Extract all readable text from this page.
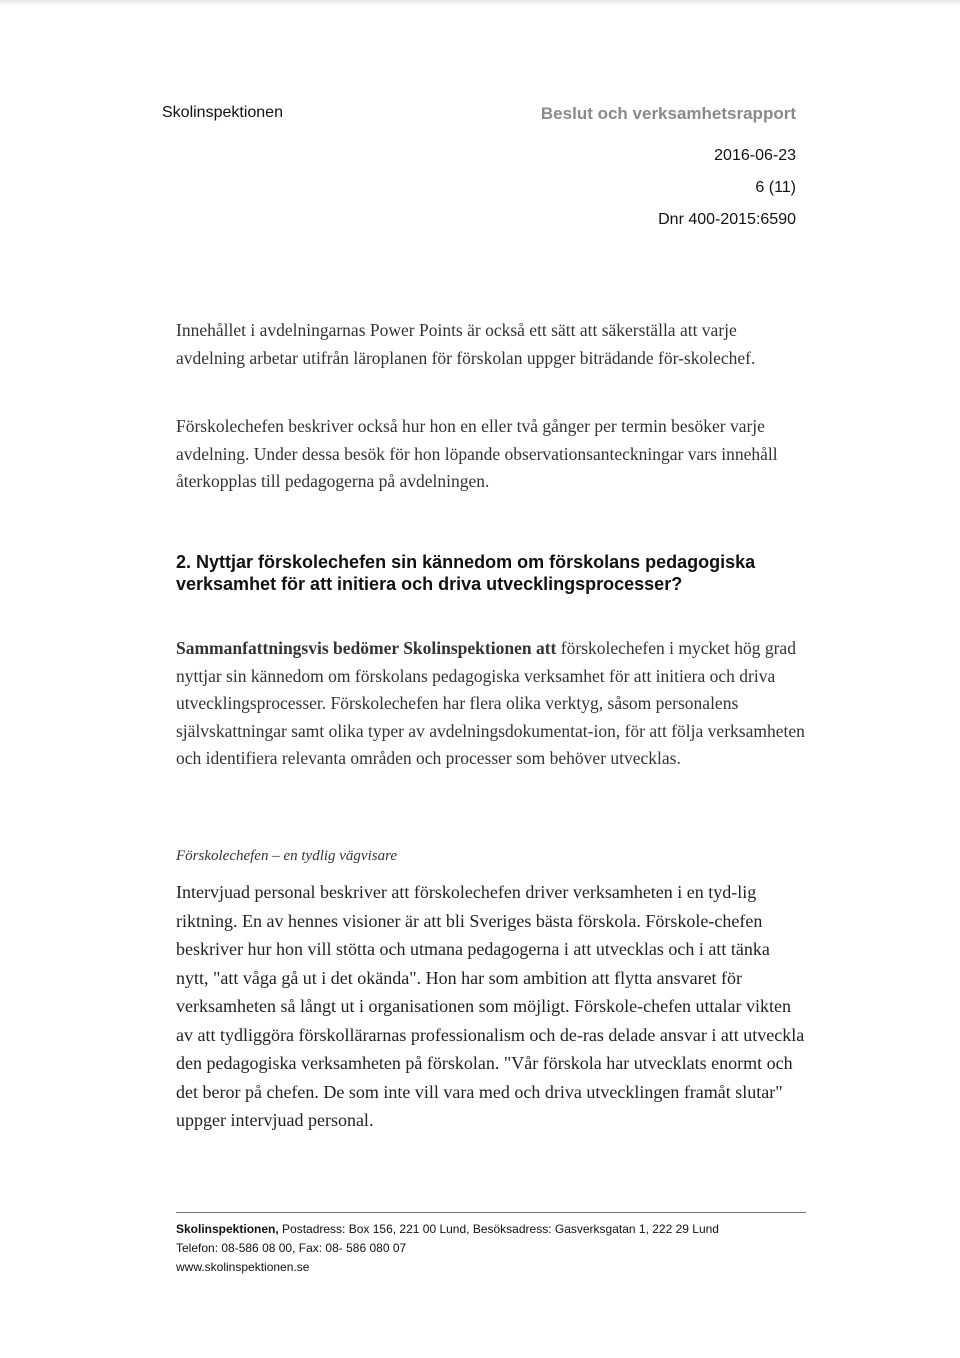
Skolinspektionen	Beslut och verksamhetsrapport
2016-06-23
6 (11)
Dnr 400-2015:6590

Innehållet i avdelningarnas Power Points är också ett sätt att säkerställa att varje avdelning arbetar utifrån läroplanen för förskolan uppger biträdande för-skolechef.

Förskolechefen beskriver också hur hon en eller två gånger per termin besöker varje avdelning. Under dessa besök för hon löpande observationsanteckningar vars innehåll återkopplas till pedagogerna på avdelningen.

2. Nyttjar förskolechefen sin kännedom om förskolans pedagogiska verksamhet för att initiera och driva utvecklingsprocesser?

Sammanfattningsvis bedömer Skolinspektionen att förskolechefen i mycket hög grad nyttjar sin kännedom om förskolans pedagogiska verksamhet för att initiera och driva utvecklingsprocesser. Förskolechefen har flera olika verktyg, såsom personalens självskattningar samt olika typer av avdelningsdokumentat-ion, för att följa verksamheten och identifiera relevanta områden och processer som behöver utvecklas.

Förskolechefen – en tydlig vägvisare

Intervjuad personal beskriver att förskolechefen driver verksamheten i en tyd-lig riktning. En av hennes visioner är att bli Sveriges bästa förskola. Förskole-chefen beskriver hur hon vill stötta och utmana pedagogerna i att utvecklas och i att tänka nytt, "att våga gå ut i det okända". Hon har som ambition att flytta ansvaret för verksamheten så långt ut i organisationen som möjligt. Förskole-chefen uttalar vikten av att tydliggöra förskollärarnas professionalism och de-ras delade ansvar i att utveckla den pedagogiska verksamheten på förskolan. "Vår förskola har utvecklats enormt och det beror på chefen. De som inte vill vara med och driva utvecklingen framåt slutar" uppger intervjuad personal.

Skolinspektionen, Postadress: Box 156, 221 00 Lund, Besöksadress: Gasverksgatan 1, 222 29 Lund
Telefon: 08-586 08 00, Fax: 08- 586 080 07
www.skolinspektionen.se
